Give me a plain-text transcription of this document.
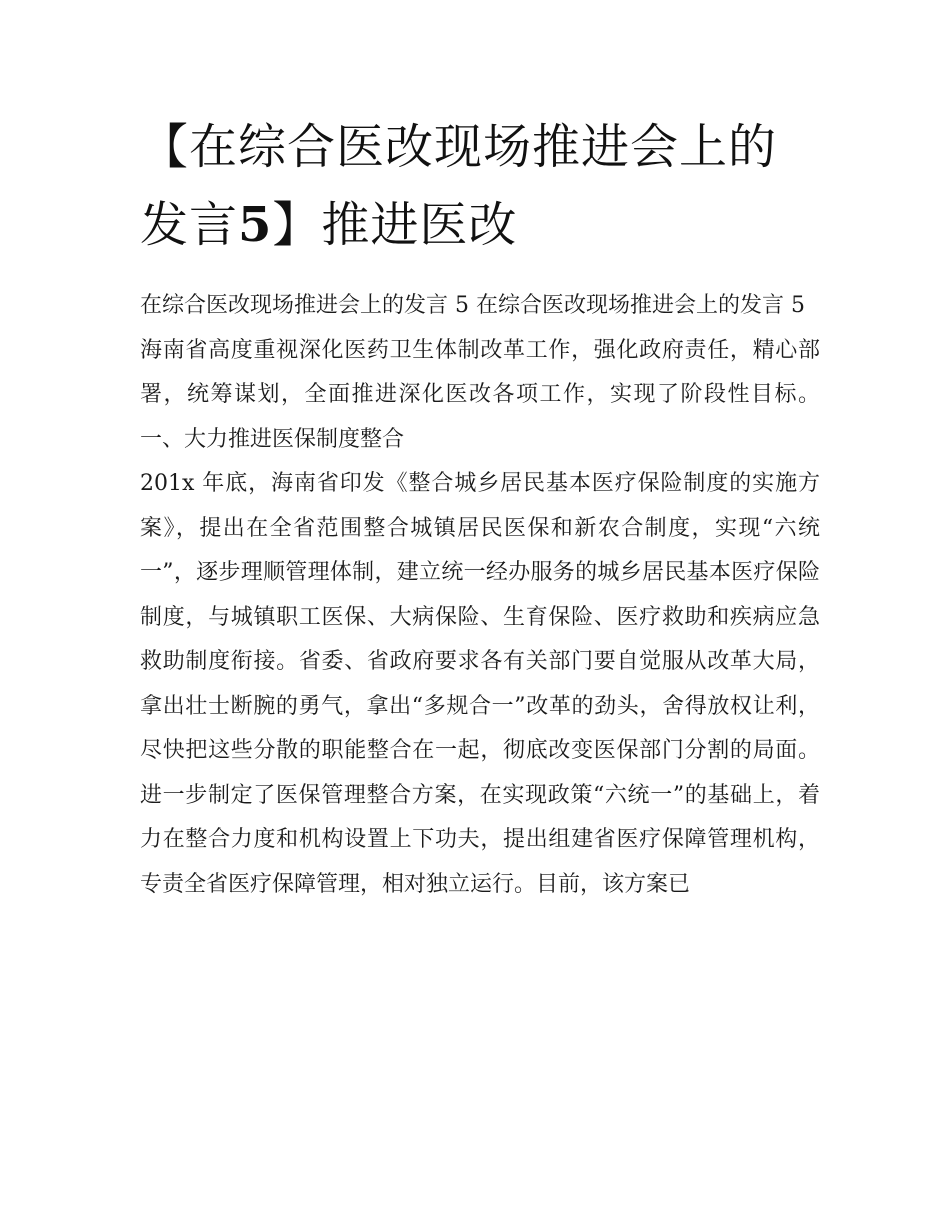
【在综合医改现场推进会上的发言5】推进医改

在综合医改现场推进会上的发言 5 在综合医改现场推进会上的发言 5

海南省高度重视深化医药卫生体制改革工作，强化政府责任，精心部署，统筹谋划，全面推进深化医改各项工作，实现了阶段性目标。 一、大力推进医保制度整合

201x 年底，海南省印发《整合城乡居民基本医疗保险制度的实施方案》，提出在全省范围整合城镇居民医保和新农合制度，实现“六统一”，逐步理顺管理体制，建立统一经办服务的城乡居民基本医疗保险制度，与城镇职工医保、大病保险、生育保险、医疗救助和疾病应急救助制度衔接。省委、省政府要求各有关部门要自觉服从改革大局，拿出壮士断腕的勇气，拿出“多规合一”改革的劲头，舍得放权让利，尽快把这些分散的职能整合在一起，彻底改变医保部门分割的局面。进一步制定了医保管理整合方案，在实现政策“六统一”的基础上，着力在整合力度和机构设置上下功夫，提出组建省医疗保障管理机构，专责全省医疗保障管理，相对独立运行。目前，该方案已
